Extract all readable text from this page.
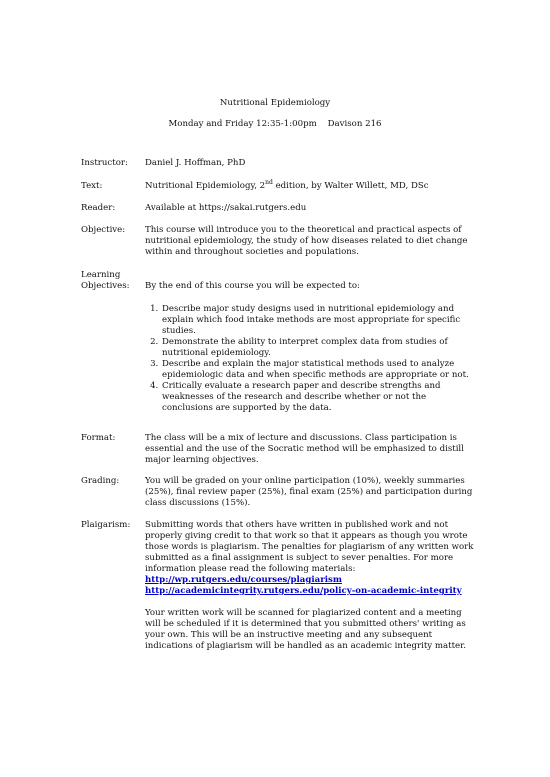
Nutritional Epidemiology
Monday and Friday 12:35-1:00pm    Davison 216
Instructor:	Daniel J. Hoffman, PhD
Text:	Nutritional Epidemiology, 2nd edition, by Walter Willett, MD, DSc
Reader:	Available at https://sakai.rutgers.edu
Objective:	This course will introduce you to the theoretical and practical aspects of nutritional epidemiology, the study of how diseases related to diet change within and throughout societies and populations.
Learning
Objectives:	By the end of this course you will be expected to:
1. Describe major study designs used in nutritional epidemiology and explain which food intake methods are most appropriate for specific studies.
2. Demonstrate the ability to interpret complex data from studies of nutritional epidemiology.
3. Describe and explain the major statistical methods used to analyze epidemiologic data and when specific methods are appropriate or not.
4. Critically evaluate a research paper and describe strengths and weaknesses of the research and describe whether or not the conclusions are supported by the data.
Format:	The class will be a mix of lecture and discussions. Class participation is essential and the use of the Socratic method will be emphasized to distill major learning objectives.
Grading:	You will be graded on your online participation (10%), weekly summaries (25%), final review paper (25%), final exam (25%) and participation during class discussions (15%).
Plaigarism:	Submitting words that others have written in published work and not properly giving credit to that work so that it appears as though you wrote those words is plagiarism. The penalties for plagiarism of any written work submitted as a final assignment is subject to sever penalties. For more information please read the following materials:

http://wp.rutgers.edu/courses/plagiarism
http://academicintegrity.rutgers.edu/policy-on-academic-integrity

Your written work will be scanned for plagiarized content and a meeting will be scheduled if it is determined that you submitted others' writing as your own. This will be an instructive meeting and any subsequent indications of plagiarism will be handled as an academic integrity matter.
